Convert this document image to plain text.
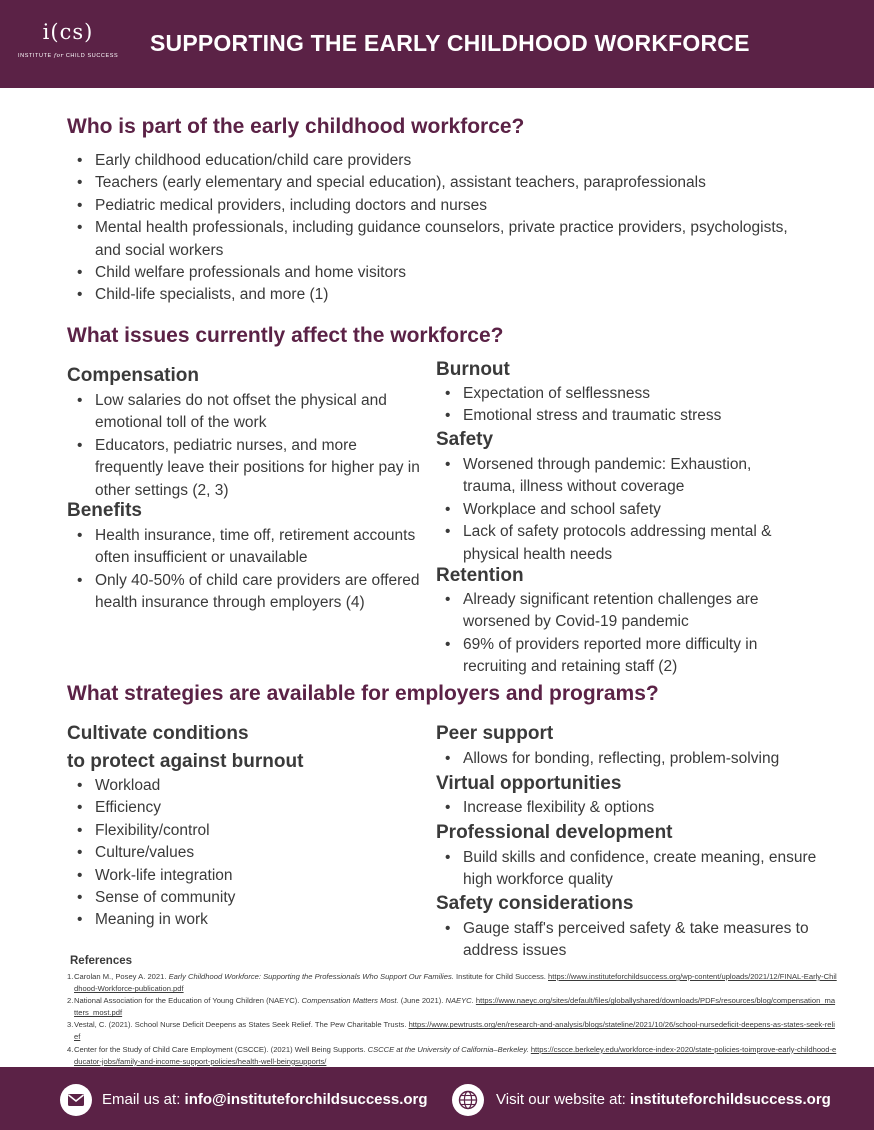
i(cs)
INSTITUTE for CHILD SUCCESS SUPPORTING THE EARLY CHILDHOOD WORKFORCE
Who is part of the early childhood workforce?
• Early childhood education/child care providers
• Teachers (early elementary and special education), assistant teachers, paraprofessionals
• Pediatric medical providers, including doctors and nurses
• Mental health professionals, including guidance counselors, private practice providers, psychologists, and social workers
• Child welfare professionals and home visitors
• Child-life specialists, and more (1)
What issues currently affect the workforce?
Compensation
• Low salaries do not offset the physical and emotional toll of the work
• Educators, pediatric nurses, and more frequently leave their positions for higher pay in other settings (2, 3)
Benefits
• Health insurance, time off, retirement accounts often insufficient or unavailable
• Only 40-50% of child care providers are offered health insurance through employers (4)
Burnout
• Expectation of selflessness
• Emotional stress and traumatic stress
Safety
• Worsened through pandemic: Exhaustion, trauma, illness without coverage
• Workplace and school safety
• Lack of safety protocols addressing mental & physical health needs
Retention
• Already significant retention challenges are worsened by Covid-19 pandemic
• 69% of providers reported more difficulty in recruiting and retaining staff (2)
What strategies are available for employers and programs?
Cultivate conditions
to protect against burnout
• Workload
• Efficiency
• Flexibility/control
• Culture/values
• Work-life integration
• Sense of community
• Meaning in work
Peer support
• Allows for bonding, reflecting, problem-solving
Virtual opportunities
• Increase flexibility & options
Professional development
• Build skills and confidence, create meaning, ensure high workforce quality
Safety considerations
• Gauge staff's perceived safety & take measures to address issues
References
1. Carolan M., Posey A. 2021. Early Childhood Workforce: Supporting the Professionals Who Support Our Families. Institute for Child Success. https://www.instituteforchildsuccess.org/wp-content/uploads/2021/12/FINAL-Early-Childhood-Workforce-publication.pdf
2. National Association for the Education of Young Children (NAEYC). Compensation Matters Most. (June 2021). NAEYC. https://www.naeyc.org/sites/default/files/globallyshared/downloads/PDFs/resources/blog/compensation_matters_most.pdf
3. Vestal, C. (2021). School Nurse Deficit Deepens as States Seek Relief. The Pew Charitable Trusts. https://www.pewtrusts.org/en/research-and-analysis/blogs/stateline/2021/10/26/school-nursedeficit-deepens-as-states-seek-relief
4. Center for the Study of Child Care Employment (CSCCE). (2021) Well Being Supports. CSCCE at the University of California–Berkeley. https://cscce.berkeley.edu/workforce-index-2020/state-policies-toimprove-early-childhood-educator-jobs/family-and-income-support-policies/health-well-beingsupports/
Email us at: info@instituteforchildsuccess.org	Visit our website at: instituteforchildsuccess.org
